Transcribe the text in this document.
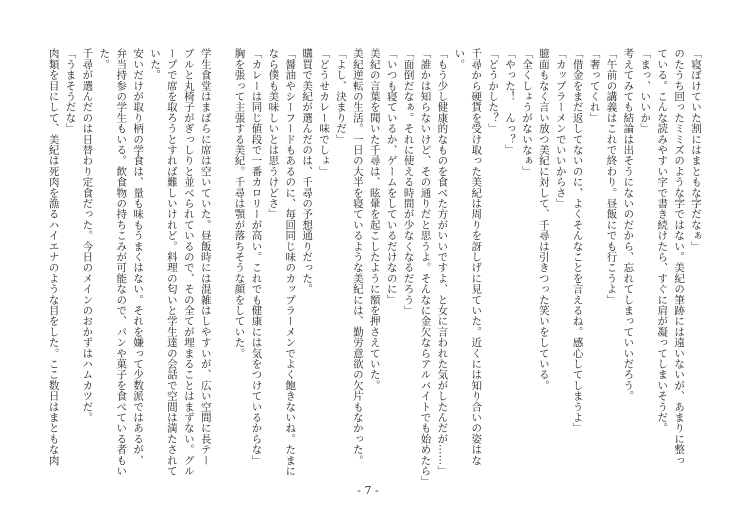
「寝ぼけていた割にはまともな字だなぁ」
のたうち回ったミミズのような字ではない。美紀の筆跡には遠いないが、あまりに整っ
ている。こんな読みやすい字で書き続けたら、すぐに肩が凝ってしまいそうだ。
「まっ、いいか」
考えてみても結論は出そうにないのだから、忘れてしまっていいだろう。
「午前の講義はこれで終わり。昼飯にでも行こうよ」
「奢ってくれ」
「借金をまだ返してないのに、よくそんなことを言えるね。感心してしまうよ」
「カップラーメンでいいからさ」
臆面もなく言い放つ美紀に対して、千尋は引きつった笑いをしている。
「全くしょうがないなぁ」
「やった！　んっ？」
「どうかした？」
千尋から硬貨を受け取った美紀は周りを訝しげに見ていた。近くには知り合いの姿はな
い。
「もう少し健康的なものを食べた方がいいですよ、と女に言われた気がしたんだが……」
「誰かは知らないけど、その通りだと思うよ。そんなに金欠ならアルバイトでも始めたら」
「面倒だなぁ。それに使える時間が少なくなるだろう」
「いつも寝ているか、ゲームをしているだけなのに」
美紀の言葉を聞いた千尋は、眩暈を起こしたように額を押さえていた。
美紀逆転の生活。一日の大半を寝ているような美紀には、勤労意欲の欠片もなかった。
「よし、決まりだ」
「どうせカレー味でしょ」
購買で美紀が選んだのは、千尋の予想通りだった。
「醤油やシーフードもあるのに、毎回同じ味のカップラーメンでよく飽きないね。たまに
なら僕も美味しいとは思うけどさ」
「カレーは同じ値段で一番カロリーが高い。これでも健康には気をつけているからな」
胸を張って主張する美紀。千尋は顎が落ちそうな顔をしていた。
学生食堂はまばらに席は空いていた。昼飯時には混雑はしやすいが、広い空間に長テー
ブルと丸椅子がぎっしりと並べられているので、その全てが埋まることはまずない。グル
ープで席を取ろうとすれば難しいけれど。料理の匂いと学生達の会話で空間は満たされて
いた。
安いだけが取り柄の学食は、量も味もうまくはない。それを嫌って少数派ではあるが、
弁当持参の学生もいる。飲食物の持ちこみが可能なので、パンや菓子を食べている者もい
た。
千尋が選んだのは日替わり定食だった。今日のメインのおかずはハムカツだ。
「うまそうだな」
肉類を目にして、美紀は死肉を漁るハイエナのような目をした。ここ数日はまともな肉
- 7 -
